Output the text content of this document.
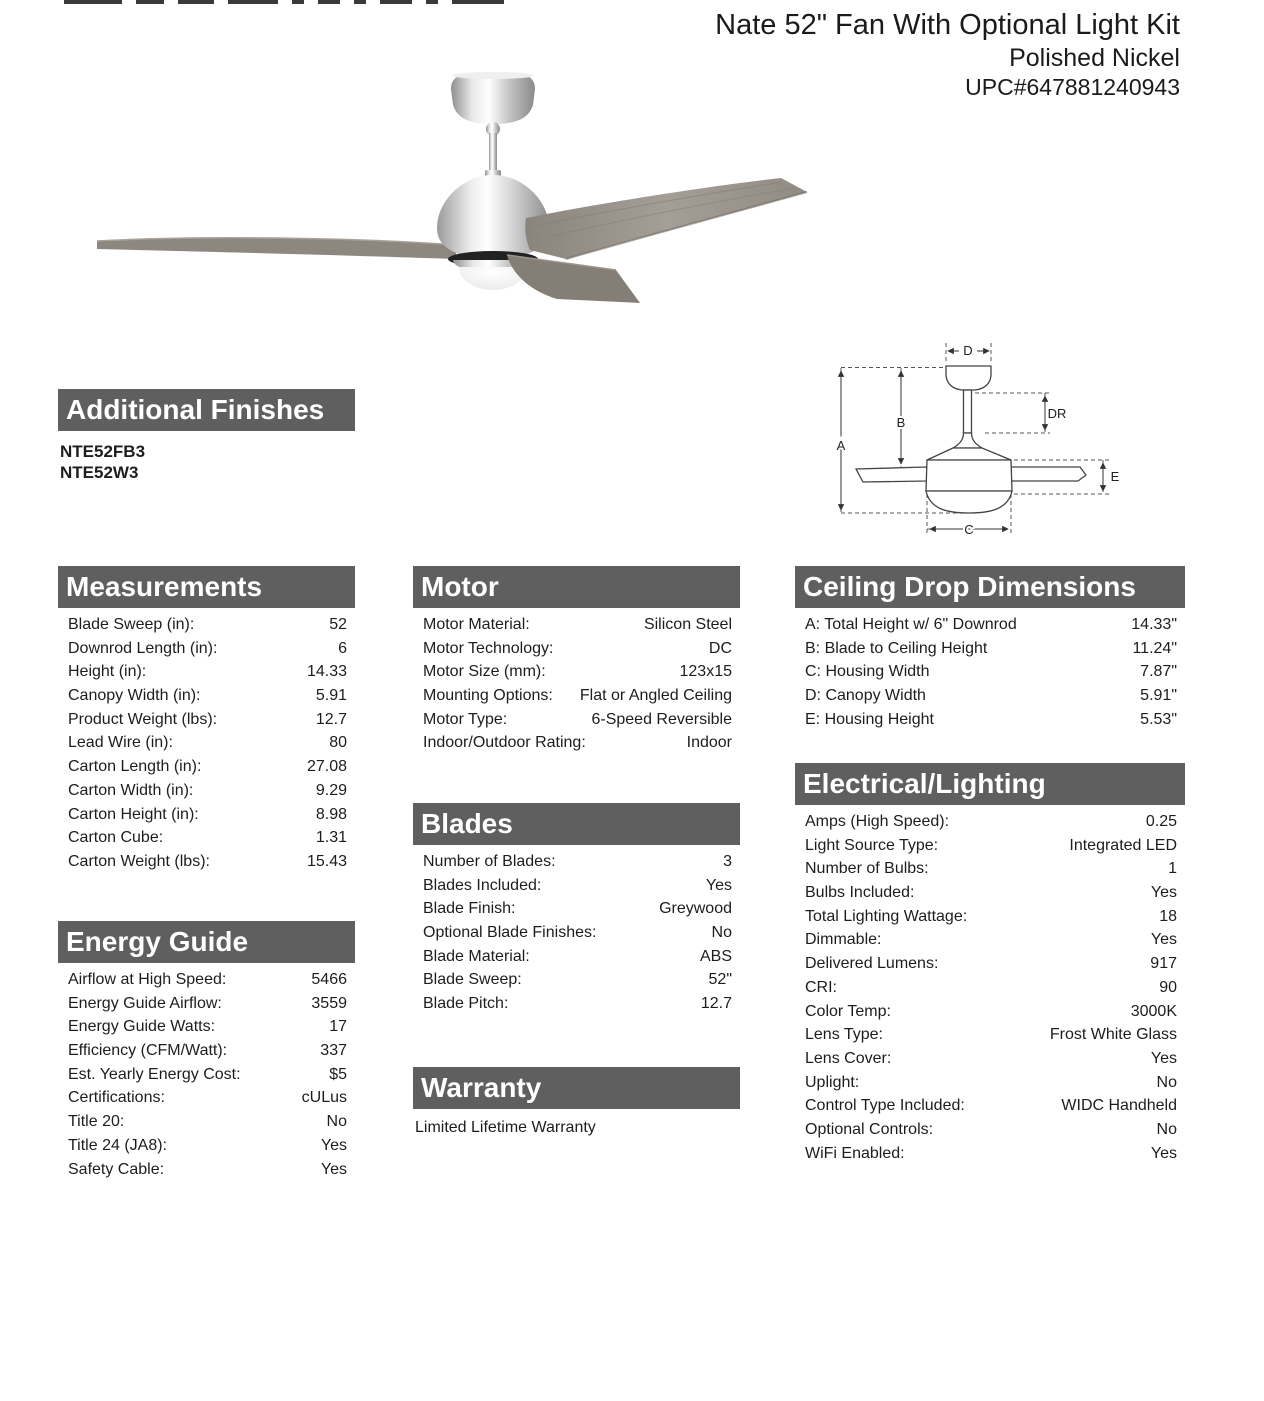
Nate 52" Fan With Optional Light Kit
Polished Nickel
UPC#647881240943
D
B
A
DR
E
C
Additional Finishes
NTE52FB3
NTE52W3
Measurements
Blade Sweep (in):	52
Downrod Length (in):	6
Height (in):	14.33
Canopy Width (in):	5.91
Product Weight (lbs):	12.7
Lead Wire (in):	80
Carton Length (in):	27.08
Carton Width (in):	9.29
Carton Height (in):	8.98
Carton Cube:	1.31
Carton Weight (lbs):	15.43
Energy Guide
Airflow at High Speed:	5466
Energy Guide Airflow:	3559
Energy Guide Watts:	17
Efficiency (CFM/Watt):	337
Est. Yearly Energy Cost:	$5
Certifications:	cULus
Title 20:	No
Title 24 (JA8):	Yes
Safety Cable:	Yes
Motor
Motor Material:	Silicon Steel
Motor Technology:	DC
Motor Size (mm):	123x15
Mounting Options: Flat or Angled Ceiling
Motor Type:	6-Speed Reversible
Indoor/Outdoor Rating:	Indoor
Blades
Number of Blades:	3
Blades Included:	Yes
Blade Finish:	Greywood
Optional Blade Finishes:	No
Blade Material:	ABS
Blade Sweep:	52"
Blade Pitch:	12.7
Warranty
Limited Lifetime Warranty
Ceiling Drop Dimensions
A: Total Height w/ 6" Downrod	14.33"
B: Blade to Ceiling Height	11.24"
C: Housing Width	7.87"
D: Canopy Width	5.91"
E: Housing Height	5.53"
Electrical/Lighting
Amps (High Speed):	0.25
Light Source Type:	Integrated LED
Number of Bulbs:	1
Bulbs Included:	Yes
Total Lighting Wattage:	18
Dimmable:	Yes
Delivered Lumens:	917
CRI:	90
Color Temp:	3000K
Lens Type:	Frost White Glass
Lens Cover:	Yes
Uplight:	No
Control Type Included:	WIDC Handheld
Optional Controls:	No
WiFi Enabled:	Yes
